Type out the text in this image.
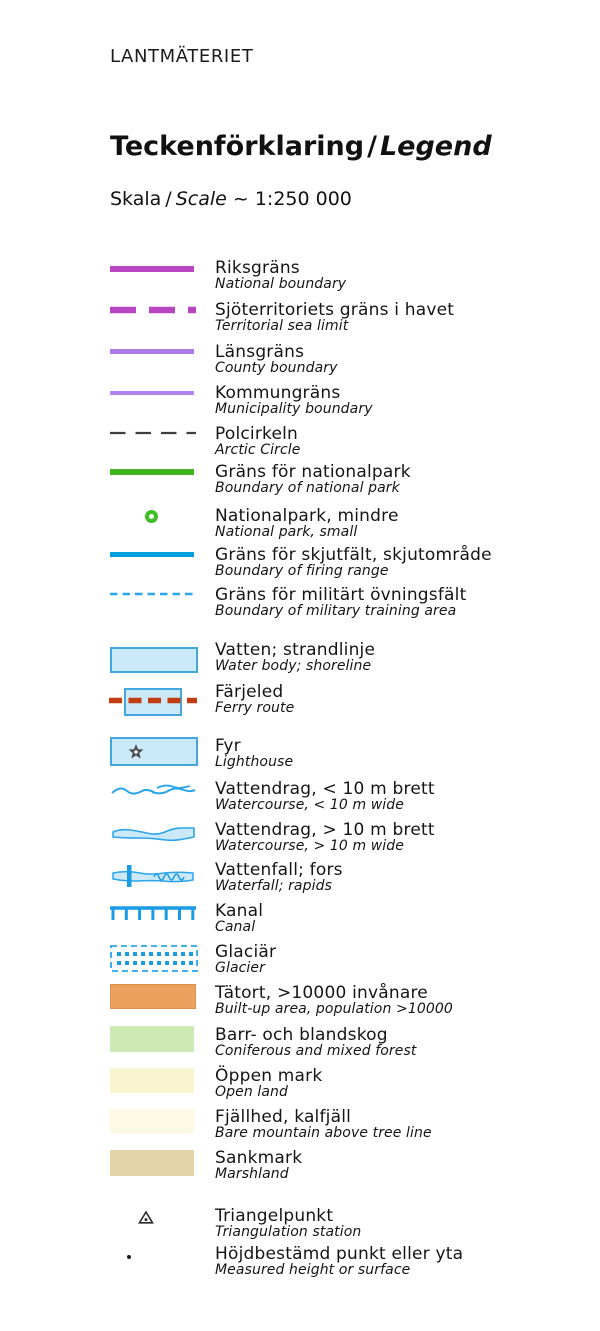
LANTMÄTERIET
Teckenförklaring / Legend
Skala / Scale ~ 1:250 000
Riksgräns
National boundary
Sjöterritoriets gräns i havet
Territorial sea limit
Länsgräns
County boundary
Kommungräns
Municipality boundary
Polcirkeln
Arctic Circle
Gräns för nationalpark
Boundary of national park
Nationalpark, mindre
National park, small
Gräns för skjutfält, skjutområde
Boundary of firing range
Gräns för militärt övningsfält
Boundary of military training area
Vatten; strandlinje
Water body; shoreline
Färjeled
Ferry route
Fyr
Lighthouse
Vattendrag, < 10 m brett
Watercourse, < 10 m wide
Vattendrag, > 10 m brett
Watercourse, > 10 m wide
Vattenfall; fors
Waterfall; rapids
Kanal
Canal
Glaciär
Glacier
Tätort, >10000 invånare
Built-up area, population >10000
Barr- och blandskog
Coniferous and mixed forest
Öppen mark
Open land
Fjällhed, kalfjäll
Bare mountain above tree line
Sankmark
Marshland
Triangelpunkt
Triangulation station
Höjdbestämd punkt eller yta
Measured height or surface
